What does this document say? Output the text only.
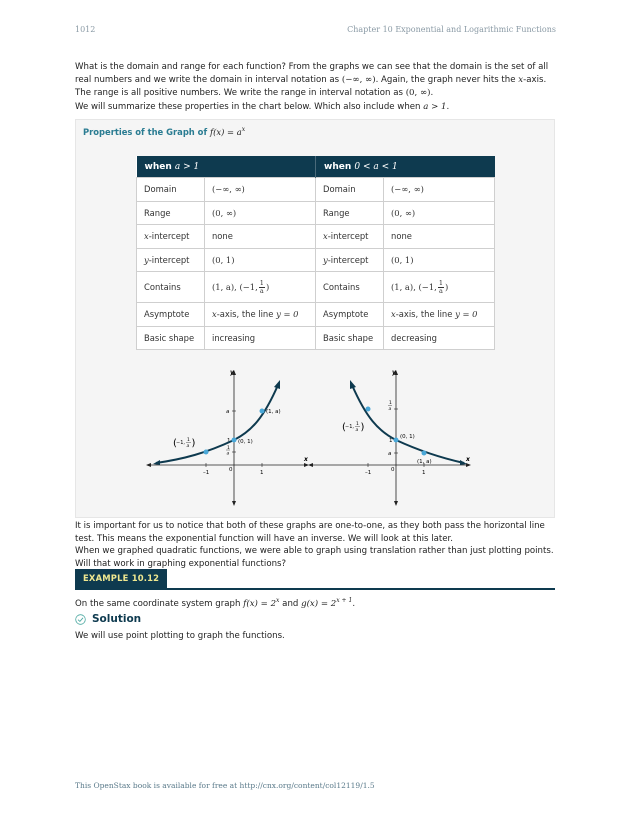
1012	Chapter 10 Exponential and Logarithmic Functions
What is the domain and range for each function? From the graphs we can see that the domain is the set of all real numbers and we write the domain in interval notation as (−∞, ∞). Again, the graph never hits the x-axis. The range is all positive numbers. We write the range in interval notation as (0, ∞).
We will summarize these properties in the chart below. Which also include when a > 1.
Properties of the Graph of $f(x) = a^x$
when a > 1		when 0 < a < 1	
Domain	(−∞, ∞)	Domain	(−∞, ∞)
Range	(0, ∞)	Range	(0, ∞)
x-intercept	none	x-intercept	none
y-intercept	(0, 1)	y-intercept	(0, 1)
Contains	(1, a), (−1, $\frac{1}{a}$ )	Contains	(1, a), (−1, $\frac{1}{a}$ )
Asymptote	x-axis, the line y = 0	Asymptote	x-axis, the line y = 0
Basic shape	increasing	Basic shape	decreasing
y
x
a
1
1
a
–1	0	1
(1, a)
(0, 1)
( −1, 1
a )
y
x
1
a
1
a
–1	0	1
(0, 1)
(1, a)
( −1, 1
a )
It is important for us to notice that both of these graphs are one-to-one, as they both pass the horizontal line test. This means the exponential function will have an inverse. We will look at this later.
When we graphed quadratic functions, we were able to graph using translation rather than just plotting points. Will that work in graphing exponential functions?
EXAMPLE 10.12
On the same coordinate system graph $f(x) = 2^x$ and $g(x) = 2^{x + 1}$.
Solution
We will use point plotting to graph the functions.
This OpenStax book is available for free at http://cnx.org/content/col12119/1.5
